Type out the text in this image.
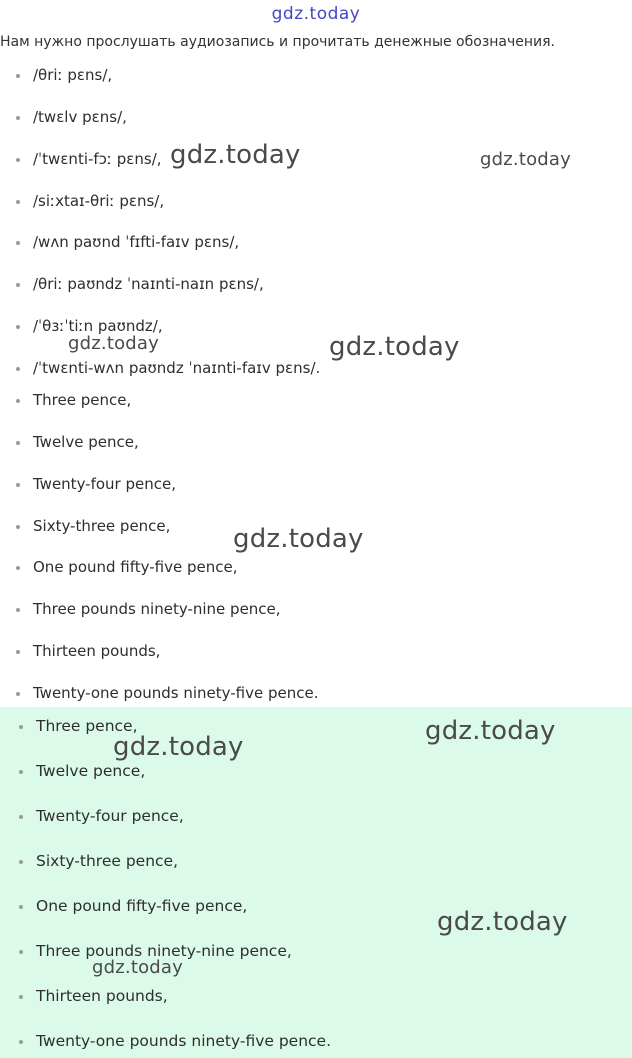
gdz.today
Нам нужно прослушать аудиозапись и прочитать денежные обозначения.
/θriː pɛns/,
/twɛlv pɛns/,
/ˈtwɛnti-fɔː pɛns/,
/siːxtaɪ-θriː pɛns/,
/wʌn paʊnd ˈfɪfti-faɪv pɛns/,
/θriː paʊndz ˈnaɪnti-naɪn pɛns/,
/ˈθɜːˈtiːn paʊndz/,
/ˈtwɛnti-wʌn paʊndz ˈnaɪnti-faɪv pɛns/.
Three pence,
Twelve pence,
Twenty-four pence,
Sixty-three pence,
One pound fifty-five pence,
Three pounds ninety-nine pence,
Thirteen pounds,
Twenty-one pounds ninety-five pence.
Three pence,
Twelve pence,
Twenty-four pence,
Sixty-three pence,
One pound fifty-five pence,
Three pounds ninety-nine pence,
Thirteen pounds,
Twenty-one pounds ninety-five pence.
gdz.today	gdz.today
gdz.today	gdz.today
gdz.today
gdz.today
gdz.today
gdz.today
gdz.today
